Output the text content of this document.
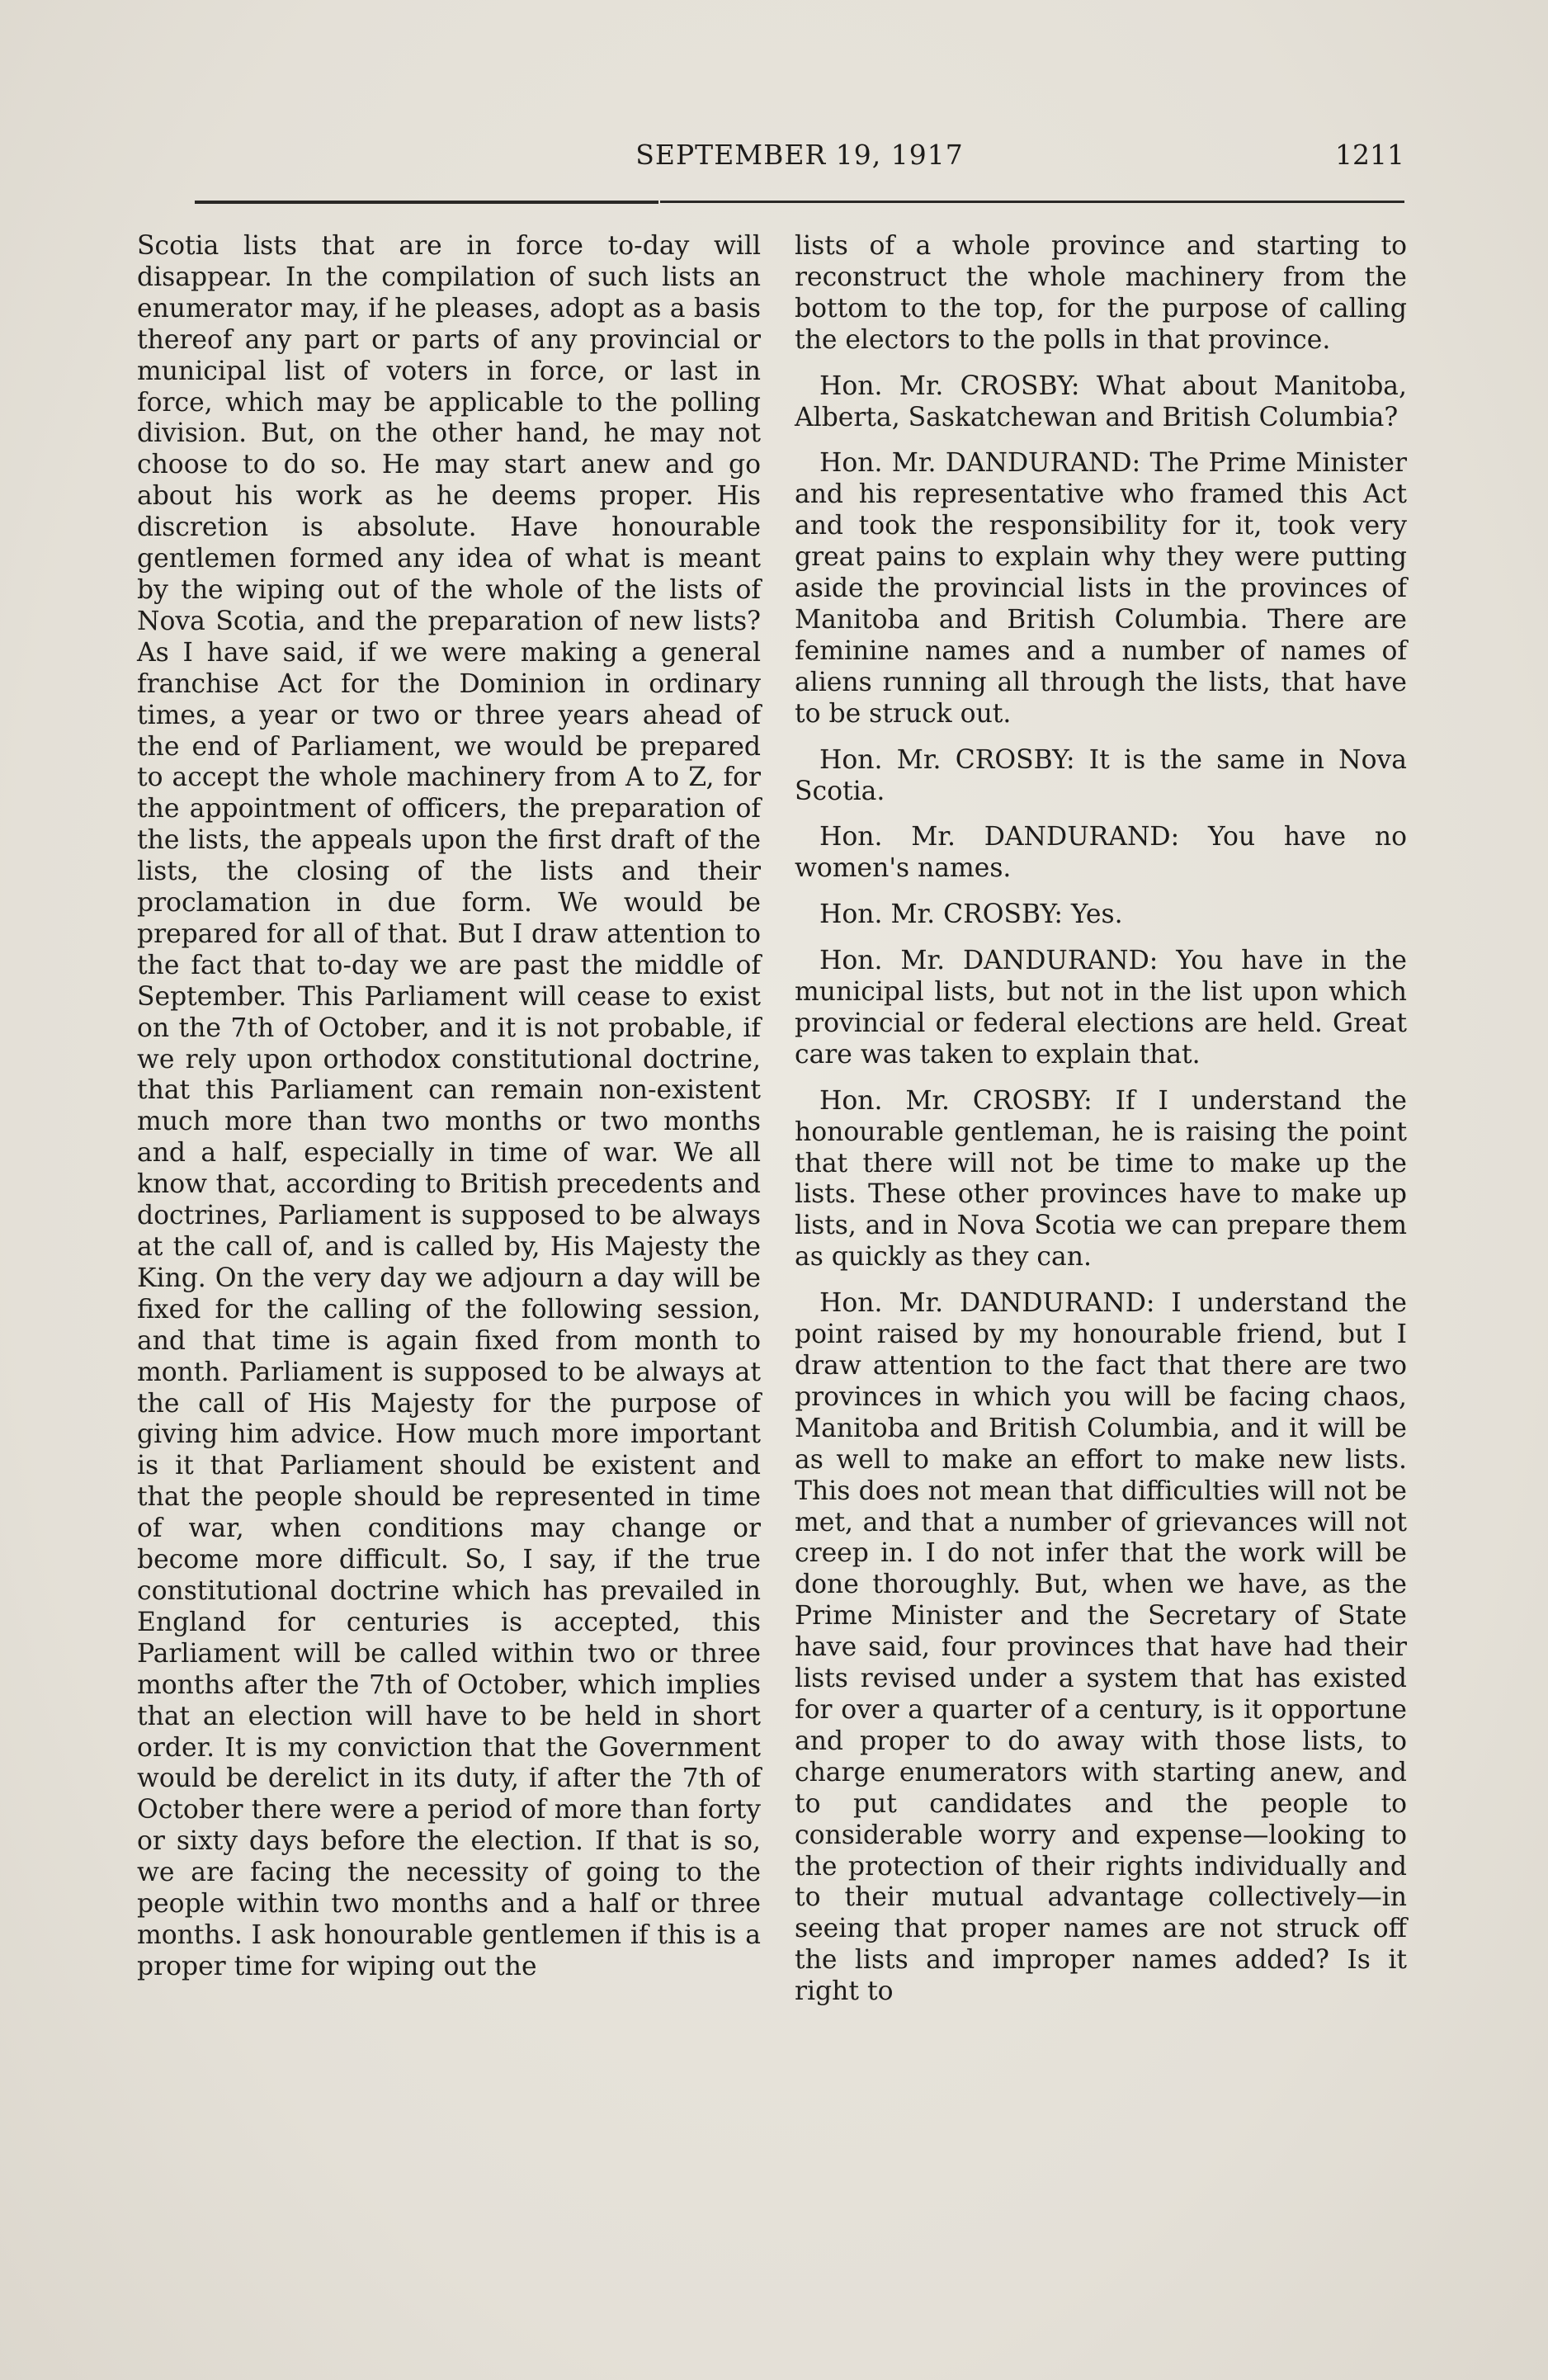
SEPTEMBER 19, 1917	1211

Scotia lists that are in force to-day will disappear. In the compilation of such lists an enumerator may, if he pleases, adopt as a basis thereof any part or parts of any provincial or municipal list of voters in force, or last in force, which may be applicable to the polling division. But, on the other hand, he may not choose to do so. He may start anew and go about his work as he deems proper. His discretion is absolute. Have honourable gentlemen formed any idea of what is meant by the wiping out of the whole of the lists of Nova Scotia, and the preparation of new lists? As I have said, if we were making a general franchise Act for the Dominion in ordinary times, a year or two or three years ahead of the end of Parliament, we would be prepared to accept the whole machinery from A to Z, for the appointment of officers, the preparation of the lists, the appeals upon the first draft of the lists, the closing of the lists and their proclamation in due form. We would be prepared for all of that. But I draw attention to the fact that to-day we are past the middle of September. This Parliament will cease to exist on the 7th of October, and it is not probable, if we rely upon orthodox constitutional doctrine, that this Parliament can remain non-existent much more than two months or two months and a half, especially in time of war. We all know that, according to British precedents and doctrines, Parliament is supposed to be always at the call of, and is called by, His Majesty the King. On the very day we adjourn a day will be fixed for the calling of the following session, and that time is again fixed from month to month. Parliament is supposed to be always at the call of His Majesty for the purpose of giving him advice. How much more important is it that Parliament should be existent and that the people should be represented in time of war, when conditions may change or become more difficult. So, I say, if the true constitutional doctrine which has prevailed in England for centuries is accepted, this Parliament will be called within two or three months after the 7th of October, which implies that an election will have to be held in short order. It is my conviction that the Government would be derelict in its duty, if after the 7th of October there were a period of more than forty or sixty days before the election. If that is so, we are facing the necessity of going to the people within two months and a half or three months. I ask honourable gentlemen if this is a proper time for wiping out the

lists of a whole province and starting to reconstruct the whole machinery from the bottom to the top, for the purpose of calling the electors to the polls in that province.

Hon. Mr. CROSBY: What about Manitoba, Alberta, Saskatchewan and British Columbia?

Hon. Mr. DANDURAND: The Prime Minister and his representative who framed this Act and took the responsibility for it, took very great pains to explain why they were putting aside the provincial lists in the provinces of Manitoba and British Columbia. There are feminine names and a number of names of aliens running all through the lists, that have to be struck out.

Hon. Mr. CROSBY: It is the same in Nova Scotia.

Hon. Mr. DANDURAND: You have no women's names.

Hon. Mr. CROSBY: Yes.

Hon. Mr. DANDURAND: You have in the municipal lists, but not in the list upon which provincial or federal elections are held. Great care was taken to explain that.

Hon. Mr. CROSBY: If I understand the honourable gentleman, he is raising the point that there will not be time to make up the lists. These other provinces have to make up lists, and in Nova Scotia we can prepare them as quickly as they can.

Hon. Mr. DANDURAND: I understand the point raised by my honourable friend, but I draw attention to the fact that there are two provinces in which you will be facing chaos, Manitoba and British Columbia, and it will be as well to make an effort to make new lists. This does not mean that difficulties will not be met, and that a number of grievances will not creep in. I do not infer that the work will be done thoroughly. But, when we have, as the Prime Minister and the Secretary of State have said, four provinces that have had their lists revised under a system that has existed for over a quarter of a century, is it opportune and proper to do away with those lists, to charge enumerators with starting anew, and to put candidates and the people to considerable worry and expense—looking to the protection of their rights individually and to their mutual advantage collectively—in seeing that proper names are not struck off the lists and improper names added? Is it right to
